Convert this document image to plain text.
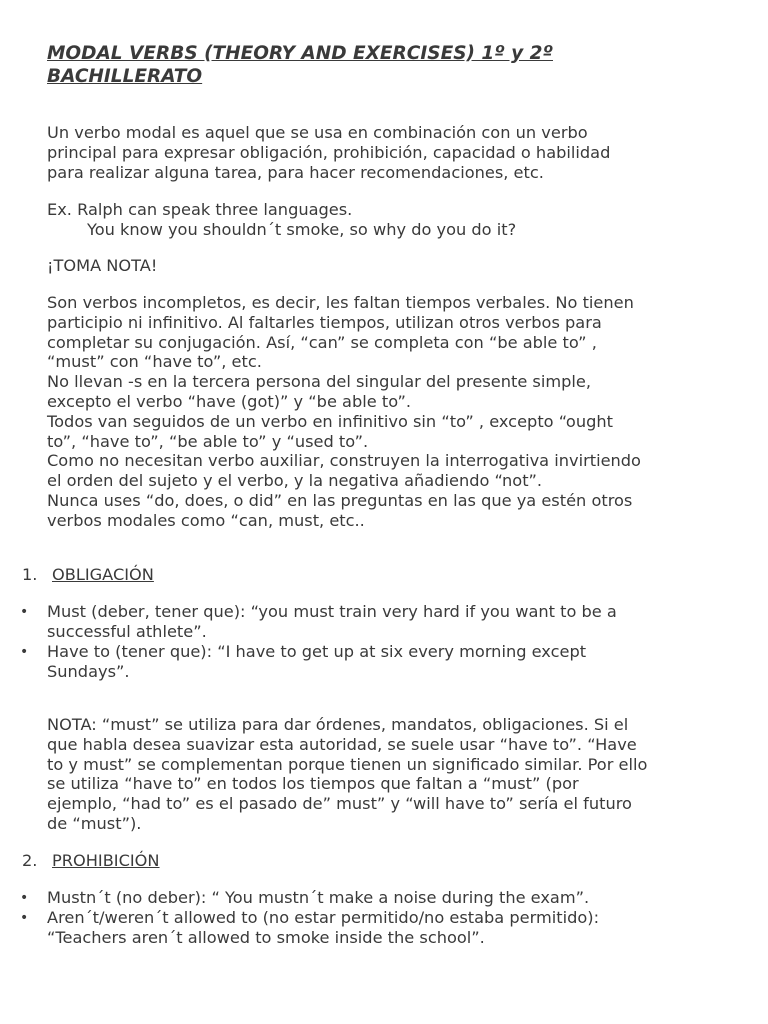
MODAL VERBS (THEORY AND EXERCISES) 1º y 2º
BACHILLERATO
Un verbo modal es aquel que se usa en combinación con un verbo
principal para expresar obligación, prohibición, capacidad o habilidad
para realizar alguna tarea, para hacer recomendaciones, etc.
Ex. Ralph can speak three languages.
You know you shouldn´t smoke, so why do you do it?
¡TOMA NOTA!
Son verbos incompletos, es decir, les faltan tiempos verbales. No tienen
participio ni infinitivo. Al faltarles tiempos, utilizan otros verbos para
completar su conjugación. Así, “can” se completa con “be able to” ,
“must” con “have to”, etc.
No llevan -s en la tercera persona del singular del presente simple,
excepto el verbo “have (got)” y “be able to”.
Todos van seguidos de un verbo en infinitivo sin “to” , excepto “ought
to”, “have to”, “be able to” y “used to”.
Como no necesitan verbo auxiliar, construyen la interrogativa invirtiendo
el orden del sujeto y el verbo, y la negativa añadiendo “not”.
Nunca uses “do, does, o did” en las preguntas en las que ya estén otros
verbos modales como “can, must, etc..
1. OBLIGACIÓN
• Must (deber, tener que): “you must train very hard if you want to be a
successful athlete”.
• Have to (tener que): “I have to get up at six every morning except
Sundays”.
NOTA: “must” se utiliza para dar órdenes, mandatos, obligaciones. Si el
que habla desea suavizar esta autoridad, se suele usar “have to”. “Have
to y must” se complementan porque tienen un significado similar. Por ello
se utiliza “have to” en todos los tiempos que faltan a “must” (por
ejemplo, “had to” es el pasado de” must” y “will have to” sería el futuro
de “must”).
2. PROHIBICIÓN
• Mustn´t (no deber): “ You mustn´t make a noise during the exam”.
• Aren´t/weren´t allowed to (no estar permitido/no estaba permitido):
“Teachers aren´t allowed to smoke inside the school”.
